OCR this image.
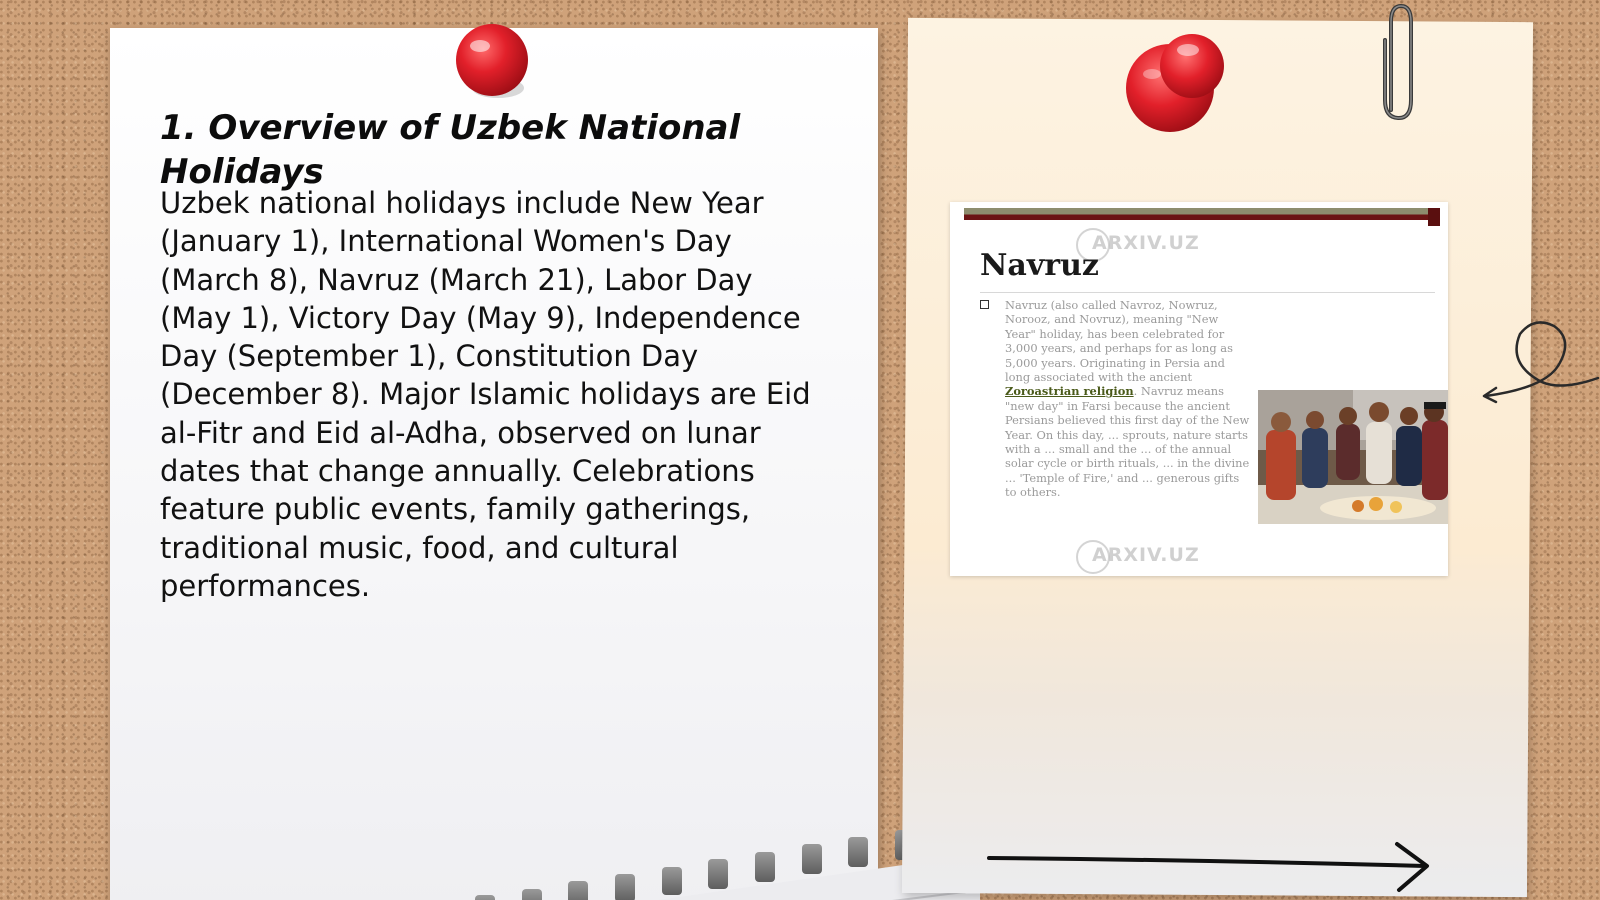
1. Overview of Uzbek National Holidays

Uzbek national holidays include New Year (January 1), International Women's Day (March 8), Navruz (March 21), Labor Day (May 1), Victory Day (May 9), Independence Day (September 1), Constitution Day (December 8). Major Islamic holidays are Eid al-Fitr and Eid al-Adha, observed on lunar dates that change annually. Celebrations feature public events, family gatherings, traditional music, food, and cultural performances.

ARXIV.UZ
Navruz

Navruz (also called Navroz, Nowruz, Norooz, and Novruz), meaning "New Year" holiday, has been celebrated for 3,000 years, and perhaps for as long as 5,000 years. Originating in Persia and long associated with the ancient Zoroastrian religion. Navruz means "new day" in Farsi because the ancient Persians believed this first day of the New Year. On this day, ... sprouts, nature starts with a ... small and the ... of the annual solar cycle or birth rituals, ... in the divine ... 'Temple of Fire,' and ... generous gifts to others.

ARXIV.UZ
